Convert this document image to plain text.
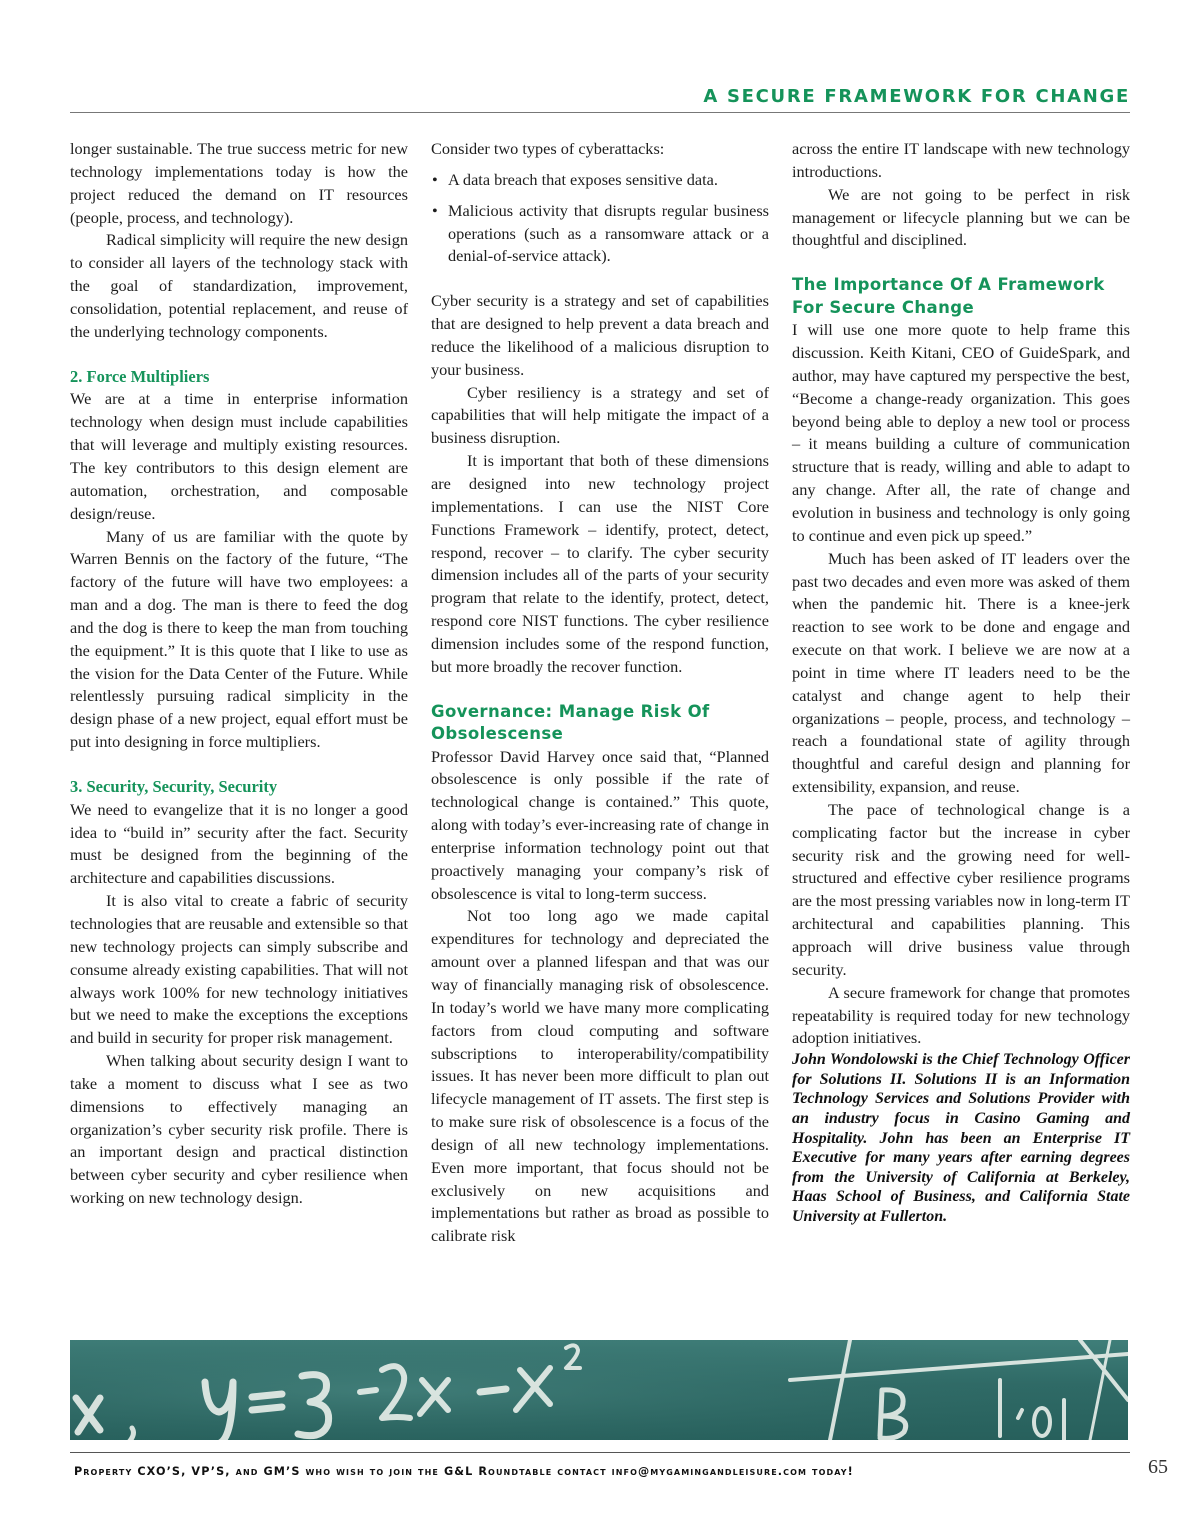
A SECURE FRAMEWORK FOR CHANGE

longer sustainable. The true success metric for new technology implementations today is how the project reduced the demand on IT resources (people, process, and technology).

Radical simplicity will require the new design to consider all layers of the technology stack with the goal of standardization, improvement, consolidation, potential replacement, and reuse of the underlying technology components.

2. Force Multipliers

We are at a time in enterprise information technology when design must include capabilities that will leverage and multiply existing resources. The key contributors to this design element are automation, orchestration, and composable design/reuse.

Many of us are familiar with the quote by Warren Bennis on the factory of the future, “The factory of the future will have two employees: a man and a dog. The man is there to feed the dog and the dog is there to keep the man from touching the equipment.” It is this quote that I like to use as the vision for the Data Center of the Future. While relentlessly pursuing radical simplicity in the design phase of a new project, equal effort must be put into designing in force multipliers.

3. Security, Security, Security

We need to evangelize that it is no longer a good idea to “build in” security after the fact. Security must be designed from the beginning of the architecture and capabilities discussions.

It is also vital to create a fabric of security technologies that are reusable and extensible so that new technology projects can simply subscribe and consume already existing capabilities. That will not always work 100% for new technology initiatives but we need to make the exceptions the exceptions and build in security for proper risk management.

When talking about security design I want to take a moment to discuss what I see as two dimensions to effectively managing an organization’s cyber security risk profile. There is an important design and practical distinction between cyber security and cyber resilience when working on new technology design.

Consider two types of cyberattacks:

• A data breach that exposes sensitive data.
• Malicious activity that disrupts regular business operations (such as a ransomware attack or a denial-of-service attack).

Cyber security is a strategy and set of capabilities that are designed to help prevent a data breach and reduce the likelihood of a malicious disruption to your business.

Cyber resiliency is a strategy and set of capabilities that will help mitigate the impact of a business disruption.

It is important that both of these dimensions are designed into new technology project implementations. I can use the NIST Core Functions Framework – identify, protect, detect, respond, recover – to clarify. The cyber security dimension includes all of the parts of your security program that relate to the identify, protect, detect, respond core NIST functions. The cyber resilience dimension includes some of the respond function, but more broadly the recover function.

Governance: Manage Risk Of Obsolescense

Professor David Harvey once said that, “Planned obsolescence is only possible if the rate of technological change is contained.” This quote, along with today’s ever-increasing rate of change in enterprise information technology point out that proactively managing your company’s risk of obsolescence is vital to long-term success.

Not too long ago we made capital expenditures for technology and depreciated the amount over a planned lifespan and that was our way of financially managing risk of obsolescence. In today’s world we have many more complicating factors from cloud computing and software subscriptions to interoperability/compatibility issues. It has never been more difficult to plan out lifecycle management of IT assets. The first step is to make sure risk of obsolescence is a focus of the design of all new technology implementations. Even more important, that focus should not be exclusively on new acquisitions and implementations but rather as broad as possible to calibrate risk

across the entire IT landscape with new technology introductions.

We are not going to be perfect in risk management or lifecycle planning but we can be thoughtful and disciplined.

The Importance Of A Framework For Secure Change

I will use one more quote to help frame this discussion. Keith Kitani, CEO of GuideSpark, and author, may have captured my perspective the best, “Become a change-ready organization. This goes beyond being able to deploy a new tool or process – it means building a culture of communication structure that is ready, willing and able to adapt to any change. After all, the rate of change and evolution in business and technology is only going to continue and even pick up speed.”

Much has been asked of IT leaders over the past two decades and even more was asked of them when the pandemic hit. There is a knee-jerk reaction to see work to be done and engage and execute on that work. I believe we are now at a point in time where IT leaders need to be the catalyst and change agent to help their organizations – people, process, and technology – reach a foundational state of agility through thoughtful and careful design and planning for extensibility, expansion, and reuse.

The pace of technological change is a complicating factor but the increase in cyber security risk and the growing need for well-structured and effective cyber resilience programs are the most pressing variables now in long-term IT architectural and capabilities planning. This approach will drive business value through security.

A secure framework for change that promotes repeatability is required today for new technology adoption initiatives.

John Wondolowski is the Chief Technology Officer for Solutions II. Solutions II is an Information Technology Services and Solutions Provider with an industry focus in Casino Gaming and Hospitality. John has been an Enterprise IT Executive for many years after earning degrees from the University of California at Berkeley, Haas School of Business, and California State University at Fullerton.

Property CXO’S, VP’S, and GM’S who wish to join the G&L Roundtable contact info@mygamingandleisure.com today!	65
